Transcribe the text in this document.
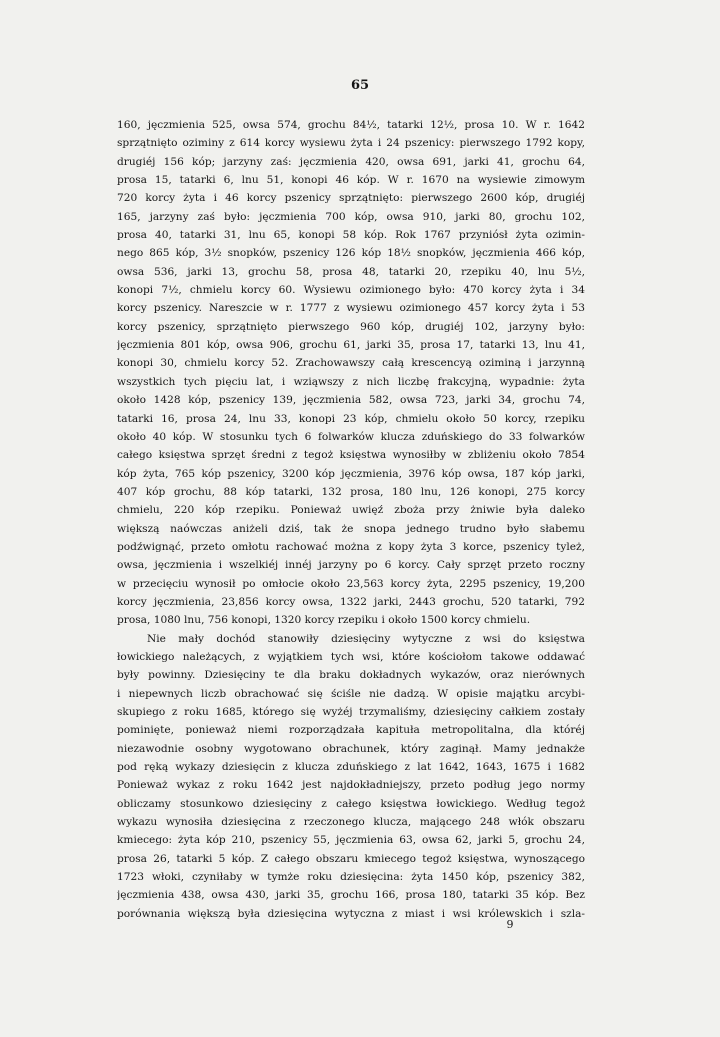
65
160, jęczmienia 525, owsa 574, grochu 84½, tatarki 12½, prosa 10. W r. 1642
sprzątnięto oziminy z 614 korcy wysiewu żyta i 24 pszenicy: pierwszego 1792 kopy,
drugiéj 156 kóp; jarzyny zaś: jęczmienia 420, owsa 691, jarki 41, grochu 64,
prosa 15, tatarki 6, lnu 51, konopi 46 kóp. W r. 1670 na wysiewie zimowym
720 korcy żyta i 46 korcy pszenicy sprzątnięto: pierwszego 2600 kóp, drugiéj
165, jarzyny zaś było: jęczmienia 700 kóp, owsa 910, jarki 80, grochu 102,
prosa 40, tatarki 31, lnu 65, konopi 58 kóp. Rok 1767 przyniósł żyta ozimin-
nego 865 kóp, 3½ snopków, pszenicy 126 kóp 18½ snopków, jęczmienia 466 kóp,
owsa 536, jarki 13, grochu 58, prosa 48, tatarki 20, rzepiku 40, lnu 5½,
konopi 7½, chmielu korcy 60. Wysiewu ozimionego było: 470 korcy żyta i 34
korcy pszenicy. Nareszcie w r. 1777 z wysiewu ozimionego 457 korcy żyta i 53
korcy pszenicy, sprzątnięto pierwszego 960 kóp, drugiéj 102, jarzyny było:
jęczmienia 801 kóp, owsa 906, grochu 61, jarki 35, prosa 17, tatarki 13, lnu 41,
konopi 30, chmielu korcy 52. Zrachowawszy całą krescencyą oziminą i jarzynną
wszystkich tych pięciu lat, i wziąwszy z nich liczbę frakcyjną, wypadnie: żyta
około 1428 kóp, pszenicy 139, jęczmienia 582, owsa 723, jarki 34, grochu 74,
tatarki 16, prosa 24, lnu 33, konopi 23 kóp, chmielu około 50 korcy, rzepiku
około 40 kóp. W stosunku tych 6 folwarków klucza zduńskiego do 33 folwarków
całego księstwa sprzęt średni z tegoż księstwa wynosiłby w zbliżeniu około 7854
kóp żyta, 765 kóp pszenicy, 3200 kóp jęczmienia, 3976 kóp owsa, 187 kóp jarki,
407 kóp grochu, 88 kóp tatarki, 132 prosa, 180 lnu, 126 konopi, 275 korcy
chmielu, 220 kóp rzepiku. Ponieważ uwięź zboża przy żniwie była daleko
większą naówczas aniżeli dziś, tak że snopa jednego trudno było słabemu
podźwignąć, przeto omłotu rachować można z kopy żyta 3 korce, pszenicy tyleż,
owsa, jęczmienia i wszelkiéj innéj jarzyny po 6 korcy. Cały sprzęt przeto roczny
w przecięciu wynosił po omłocie około 23,563 korcy żyta, 2295 pszenicy, 19,200
korcy jęczmienia, 23,856 korcy owsa, 1322 jarki, 2443 grochu, 520 tatarki, 792
prosa, 1080 lnu, 756 konopi, 1320 korcy rzepiku i około 1500 korcy chmielu.
Nie mały dochód stanowiły dziesięciny wytyczne z wsi do księstwa
łowickiego należących, z wyjątkiem tych wsi, które kościołom takowe oddawać
były powinny. Dziesięciny te dla braku dokładnych wykazów, oraz nierównych
i niepewnych liczb obrachować się ściśle nie dadzą. W opisie majątku arcybi-
skupiego z roku 1685, którego się wyżéj trzymaliśmy, dziesięciny całkiem zostały
pominięte, ponieważ niemi rozporządzała kapituła metropolitalna, dla któréj
niezawodnie osobny wygotowano obrachunek, który zaginął. Mamy jednakże
pod ręką wykazy dziesięcin z klucza zduńskiego z lat 1642, 1643, 1675 i 1682
Ponieważ wykaz z roku 1642 jest najdokładniejszy, przeto podług jego normy
obliczamy stosunkowo dziesięciny z całego księstwa łowickiego. Według tegoż
wykazu wynosiła dziesięcina z rzeczonego klucza, mającego 248 włók obszaru
kmiecego: żyta kóp 210, pszenicy 55, jęczmienia 63, owsa 62, jarki 5, grochu 24,
prosa 26, tatarki 5 kóp. Z całego obszaru kmiecego tegoż księstwa, wynoszącego
1723 włoki, czyniłaby w tymże roku dziesięcina: żyta 1450 kóp, pszenicy 382,
jęczmienia 438, owsa 430, jarki 35, grochu 166, prosa 180, tatarki 35 kóp. Bez
porównania większą była dziesięcina wytyczna z miast i wsi królewskich i szla-
9
